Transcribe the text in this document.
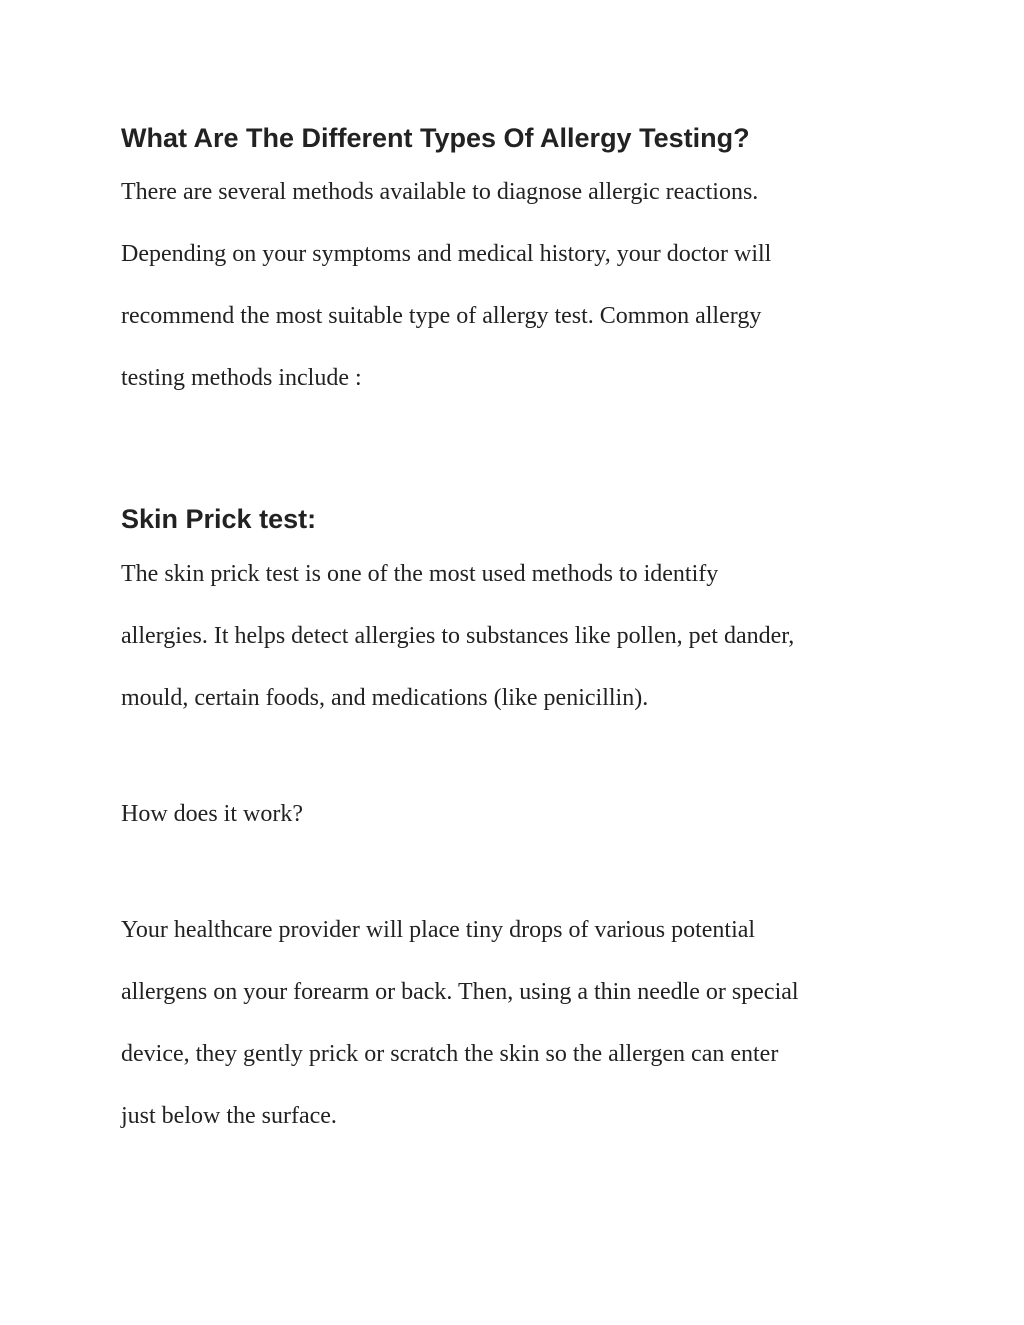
What Are The Different Types Of Allergy Testing?
There are several methods available to diagnose allergic reactions.
Depending on your symptoms and medical history, your doctor will
recommend the most suitable type of allergy test. Common allergy
testing methods include :
Skin Prick test:
The skin prick test is one of the most used methods to identify
allergies. It helps detect allergies to substances like pollen, pet dander,
mould, certain foods, and medications (like penicillin).
How does it work?
Your healthcare provider will place tiny drops of various potential
allergens on your forearm or back. Then, using a thin needle or special
device, they gently prick or scratch the skin so the allergen can enter
just below the surface.
